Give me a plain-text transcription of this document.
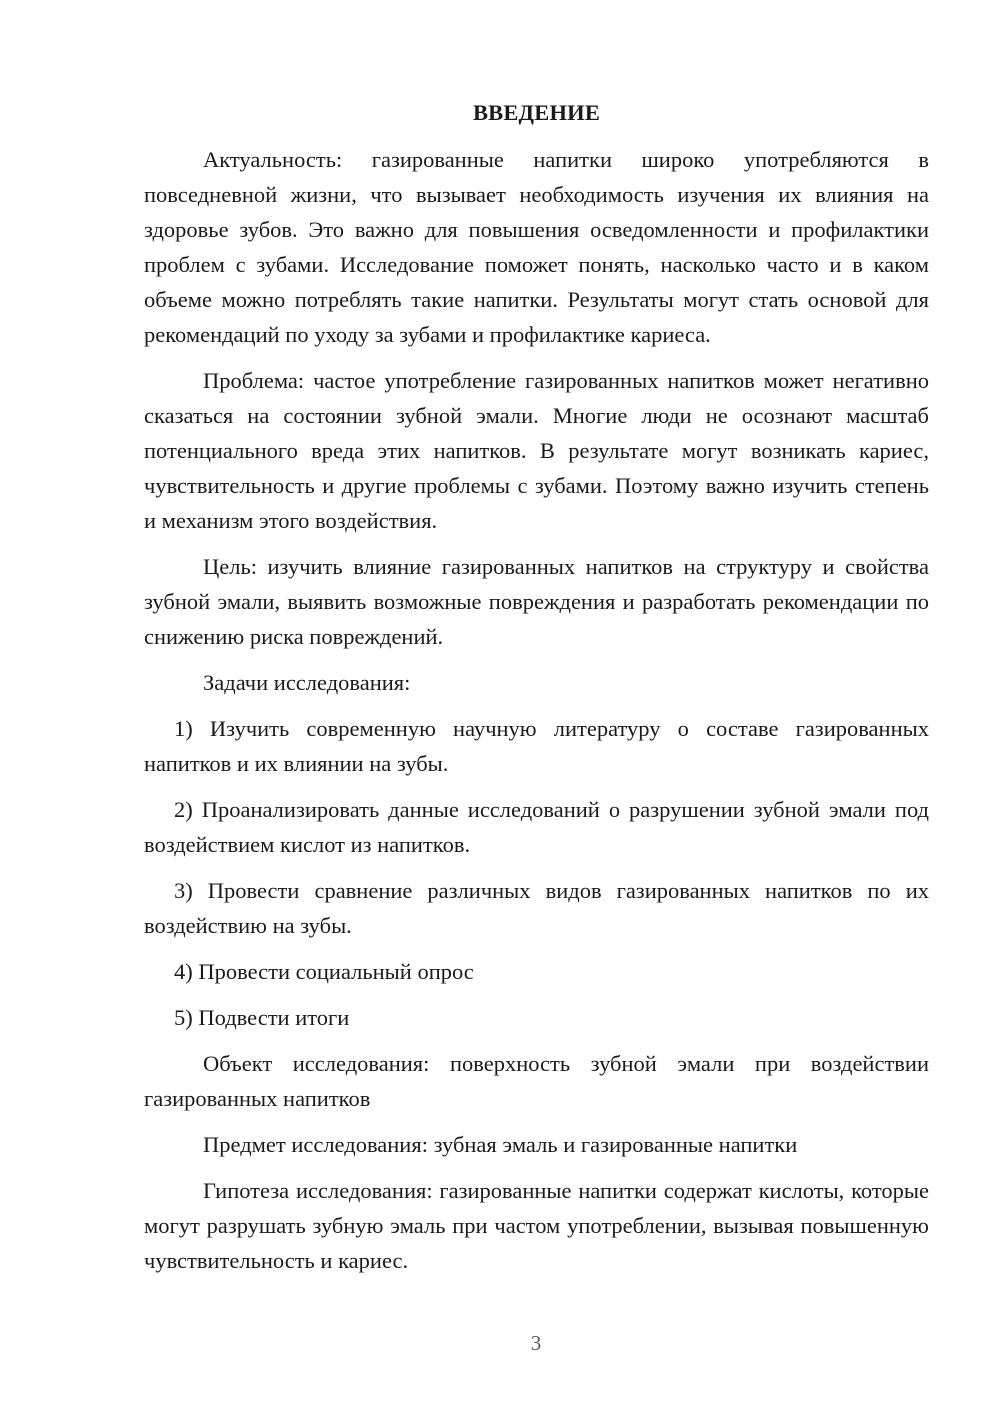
ВВЕДЕНИЕ

Актуальность: газированные напитки широко употребляются в повседневной жизни, что вызывает необходимость изучения их влияния на здоровье зубов. Это важно для повышения осведомленности и профилактики проблем с зубами. Исследование поможет понять, насколько часто и в каком объеме можно потреблять такие напитки. Результаты могут стать основой для рекомендаций по уходу за зубами и профилактике кариеса.

Проблема: частое употребление газированных напитков может негативно сказаться на состоянии зубной эмали. Многие люди не осознают масштаб потенциального вреда этих напитков. В результате могут возникать кариес, чувствительность и другие проблемы с зубами. Поэтому важно изучить степень и механизм этого воздействия.

Цель: изучить влияние газированных напитков на структуру и свойства зубной эмали, выявить возможные повреждения и разработать рекомендации по снижению риска повреждений.

Задачи исследования:

1) Изучить современную научную литературу о составе газированных напитков и их влиянии на зубы.

2) Проанализировать данные исследований о разрушении зубной эмали под воздействием кислот из напитков.

3) Провести сравнение различных видов газированных напитков по их воздействию на зубы.

4) Провести социальный опрос

5) Подвести итоги

Объект исследования: поверхность зубной эмали при воздействии газированных напитков

Предмет исследования: зубная эмаль и газированные напитки

Гипотеза исследования: газированные напитки содержат кислоты, которые могут разрушать зубную эмаль при частом употреблении, вызывая повышенную чувствительность и кариес.

3
